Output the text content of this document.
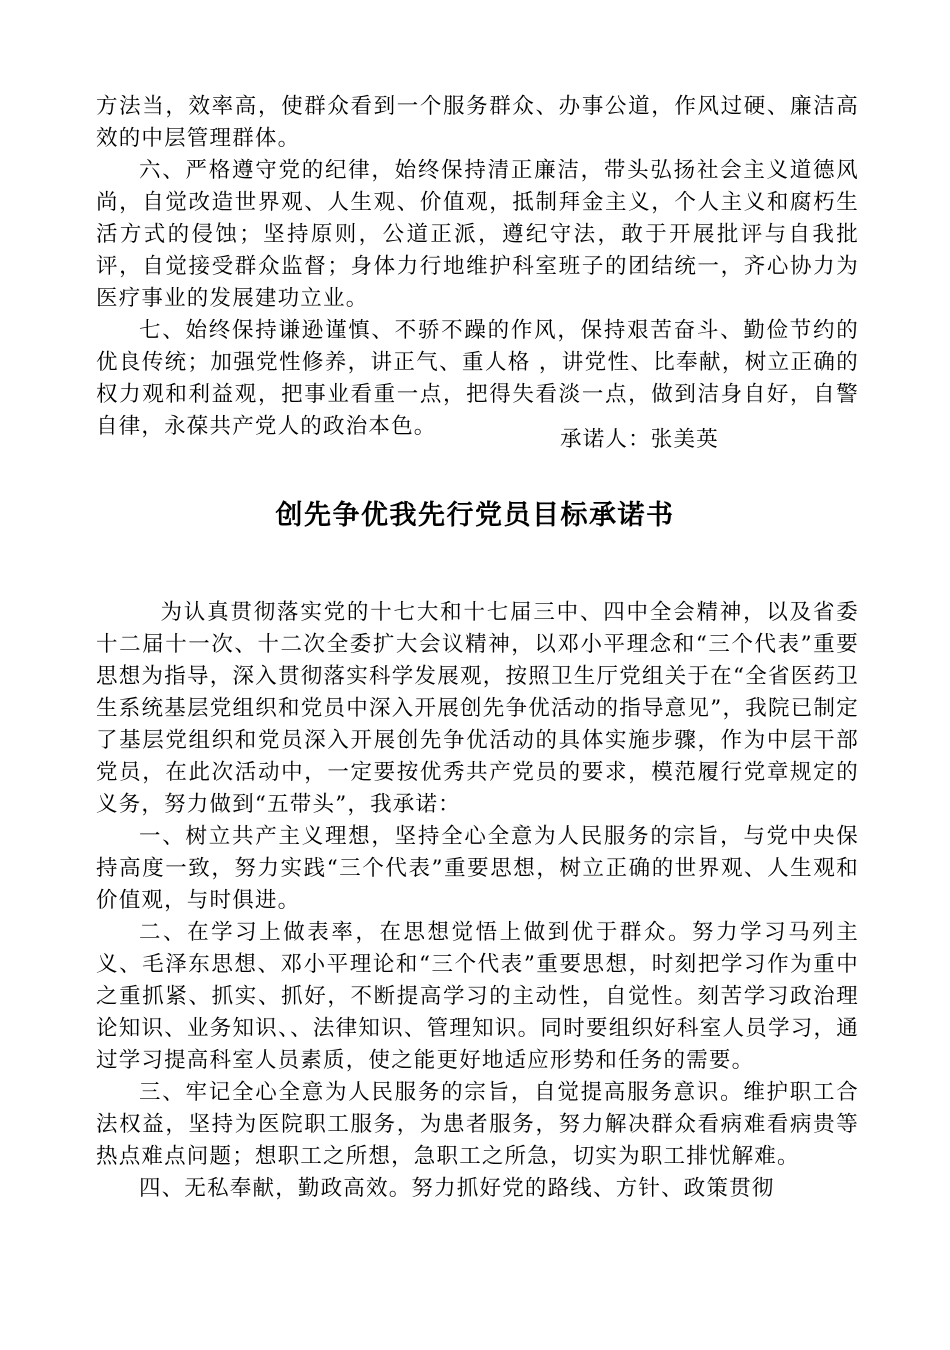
方法当，效率高，使群众看到一个服务群众、办事公道，作风过硬、廉洁高效的中层管理群体。

六、严格遵守党的纪律，始终保持清正廉洁，带头弘扬社会主义道德风尚，自觉改造世界观、人生观、价值观，抵制拜金主义，个人主义和腐朽生活方式的侵蚀；坚持原则，公道正派，遵纪守法，敢于开展批评与自我批评，自觉接受群众监督；身体力行地维护科室班子的团结统一，齐心协力为医疗事业的发展建功立业。

七、始终保持谦逊谨慎、不骄不躁的作风，保持艰苦奋斗、勤俭节约的优良传统；加强党性修养，讲正气、重人格 ，讲党性、比奉献，树立正确的权力观和利益观，把事业看重一点，把得失看淡一点，做到洁身自好，自警自律，永葆共产党人的政治本色。

承诺人：张美英
创先争优我先行党员目标承诺书

为认真贯彻落实党的十七大和十七届三中、四中全会精神，以及省委十二届十一次、十二次全委扩大会议精神，以邓小平理念和“三个代表”重要思想为指导，深入贯彻落实科学发展观，按照卫生厅党组关于在“全省医药卫生系统基层党组织和党员中深入开展创先争优活动的指导意见”，我院已制定了基层党组织和党员深入开展创先争优活动的具体实施步骤，作为中层干部党员，在此次活动中，一定要按优秀共产党员的要求，模范履行党章规定的义务，努力做到“五带头”，我承诺：

一、树立共产主义理想，坚持全心全意为人民服务的宗旨，与党中央保持高度一致，努力实践“三个代表”重要思想，树立正确的世界观、人生观和价值观，与时俱进。

二、在学习上做表率，在思想觉悟上做到优于群众。努力学习马列主义、毛泽东思想、邓小平理论和“三个代表”重要思想，时刻把学习作为重中之重抓紧、抓实、抓好，不断提高学习的主动性，自觉性。刻苦学习政治理论知识、业务知识、、法律知识、管理知识。同时要组织好科室人员学习，通过学习提高科室人员素质，使之能更好地适应形势和任务的需要。

三、牢记全心全意为人民服务的宗旨，自觉提高服务意识。维护职工合法权益，坚持为医院职工服务，为患者服务，努力解决群众看病难看病贵等热点难点问题；想职工之所想，急职工之所急，切实为职工排忧解难。

四、无私奉献，勤政高效。努力抓好党的路线、方针、政策贯彻
